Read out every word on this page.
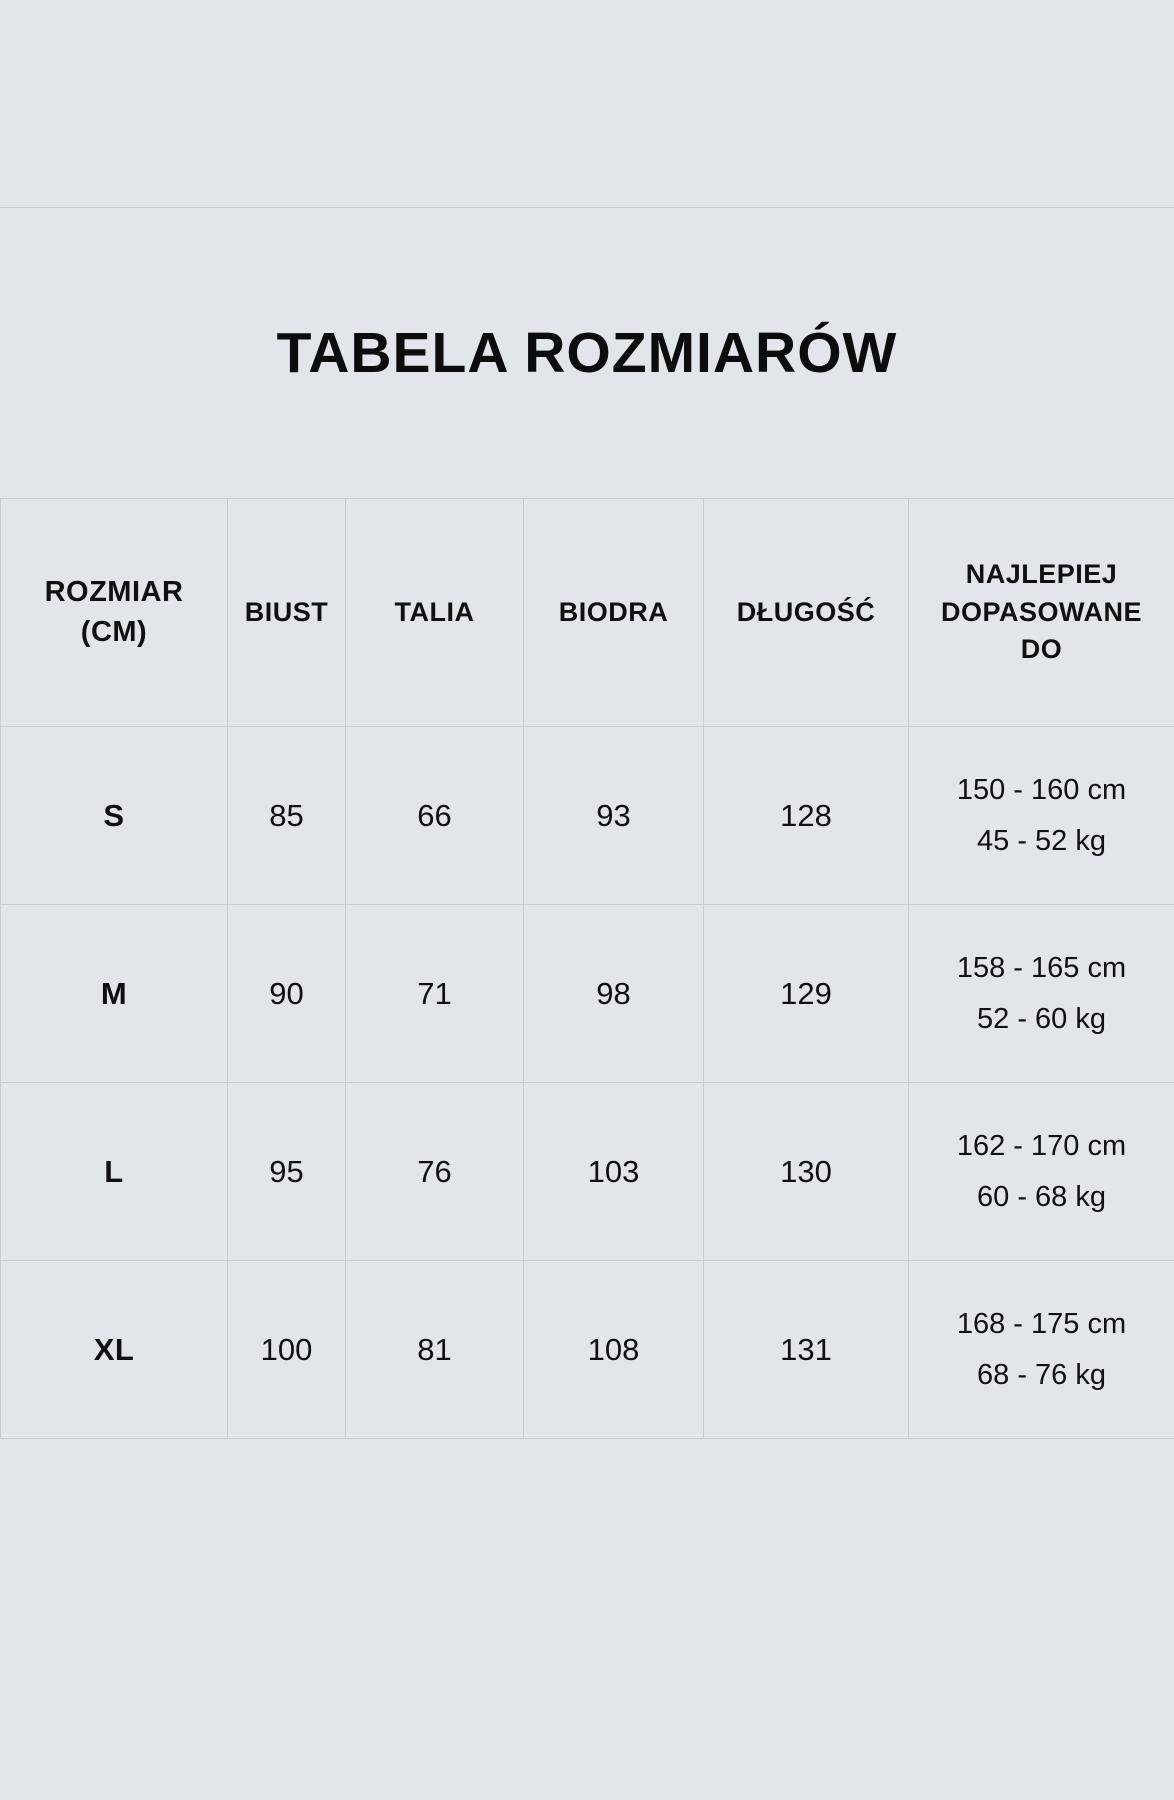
TABELA ROZMIARÓW
ROZMIAR
(CM)	BIUST	TALIA	BIODRA	DŁUGOŚĆ	NAJLEPIEJ
DOPASOWANE
DO
S	85	66	93	128	150 - 160 cm
45 - 52 kg

M	90	71	98	129	158 - 165 cm
52 - 60 kg

L	95	76	103	130	162 - 170 cm
60 - 68 kg

XL	100	81	108	131	168 - 175 cm
68 - 76 kg
